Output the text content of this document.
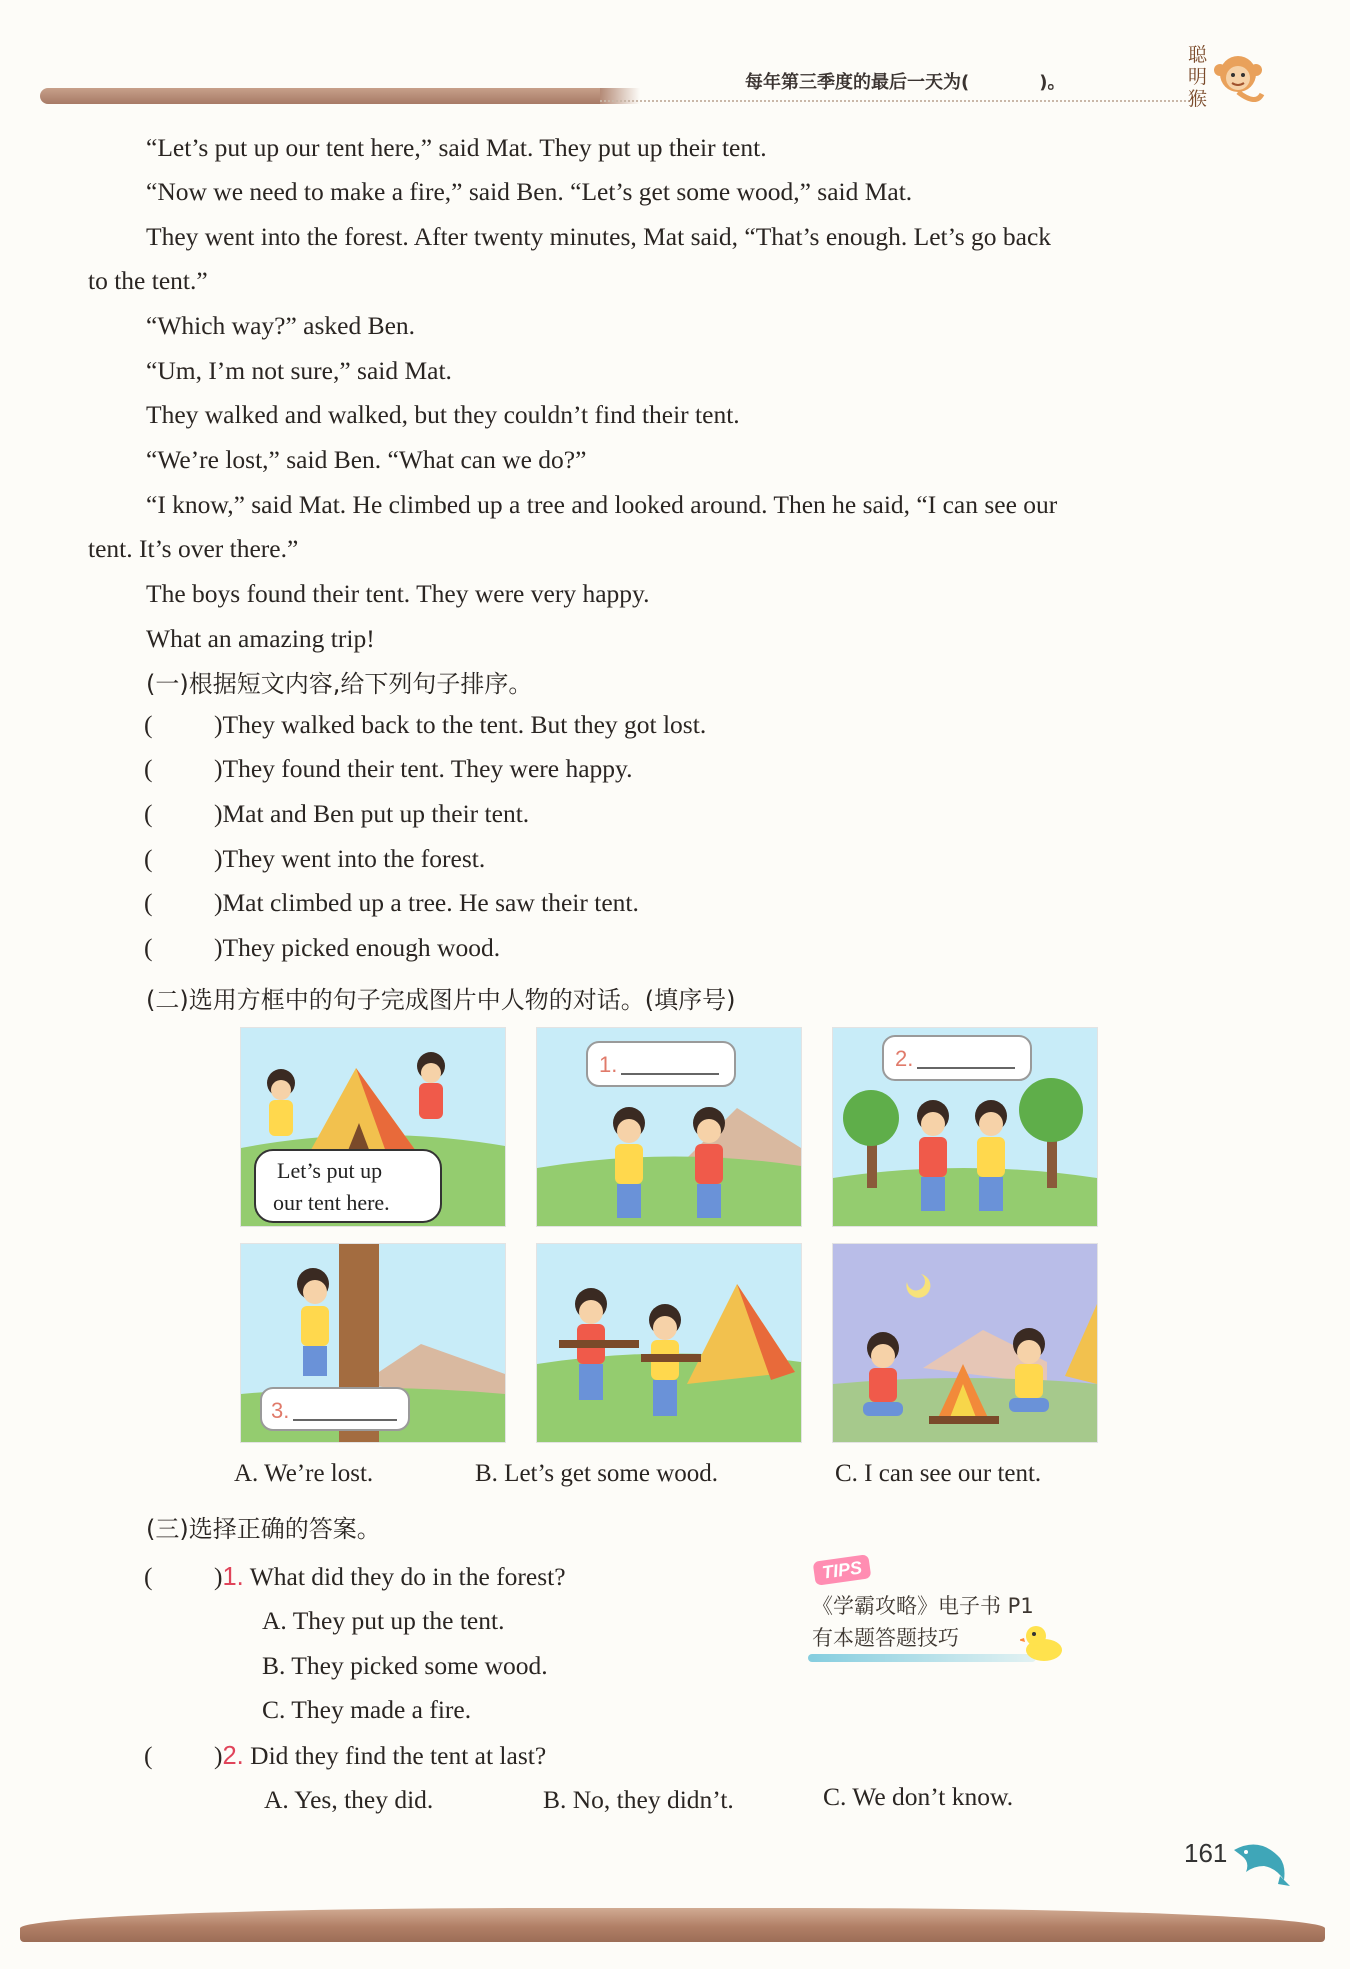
每年第三季度的最后一天为(	)。
聪
明
猴
“Let’s put up our tent here,” said Mat. They put up their tent.
“Now we need to make a fire,” said Ben. “Let’s get some wood,” said Mat.
They went into the forest. After twenty minutes, Mat said, “That’s enough. Let’s go back
to the tent.”
“Which way?” asked Ben.
“Um, I’m not sure,” said Mat.
They walked and walked, but they couldn’t find their tent.
“We’re lost,” said Ben. “What can we do?”
“I know,” said Mat. He climbed up a tree and looked around. Then he said, “I can see our
tent. It’s over there.”
The boys found their tent. They were very happy.
What an amazing trip!
(一)根据短文内容,给下列句子排序。
( )They walked back to the tent. But they got lost.
( )They found their tent. They were happy.
( )Mat and Ben put up their tent.
( )They went into the forest.
( )Mat climbed up a tree. He saw their tent.
( )They picked enough wood.
(二)选用方框中的句子完成图片中人物的对话。(填序号)
Let’s put up
our tent here.
1.	2.
3.
A. We’re lost.	B. Let’s get some wood.	C. I can see our tent.
(三)选择正确的答案。
( )1. What did they do in the forest?
A. They put up the tent.
B. They picked some wood.
C. They made a fire.
( )2. Did they find the tent at last?
A. Yes, they did.	B. No, they didn’t.	C. We don’t know.
TIPS
《学霸攻略》电子书 P1
有本题答题技巧
161
